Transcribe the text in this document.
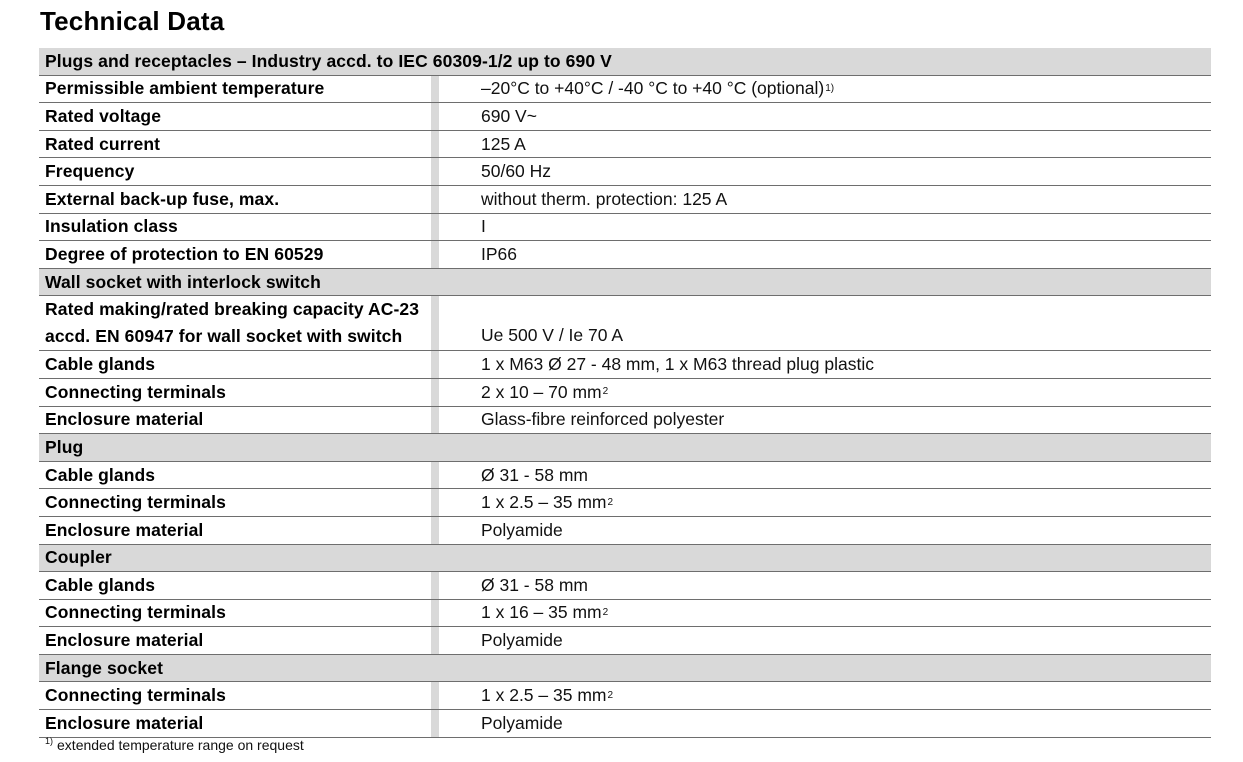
Technical Data
Plugs and receptacles – Industry accd. to IEC 60309-1/2 up to 690 V
Permissible ambient temperature	–20°C to +40°C / -40 °C to +40 °C (optional) 1)
Rated voltage	690 V~
Rated current	125 A
Frequency	50/60 Hz
External back-up fuse, max.	without therm. protection: 125 A
Insulation class	I
Degree of protection to EN 60529	IP66
Wall socket with interlock switch
Rated making/rated breaking capacity AC-23
accd. EN 60947 for wall socket with switch	Ue 500 V / Ie 70 A
Cable glands	1 x M63 Ø 27 - 48 mm, 1 x M63 thread plug plastic
Connecting terminals	2 x 10 – 70 mm 2
Enclosure material	Glass-fibre reinforced polyester
Plug
Cable glands	Ø 31 - 58 mm
Connecting terminals	1 x 2.5 – 35 mm 2
Enclosure material	Polyamide
Coupler
Cable glands	Ø 31 - 58 mm
Connecting terminals	1 x 16 – 35 mm 2
Enclosure material	Polyamide
Flange socket
Connecting terminals	1 x 2.5 – 35 mm 2
Enclosure material	Polyamide
$^{1)}$ extended temperature range on request
